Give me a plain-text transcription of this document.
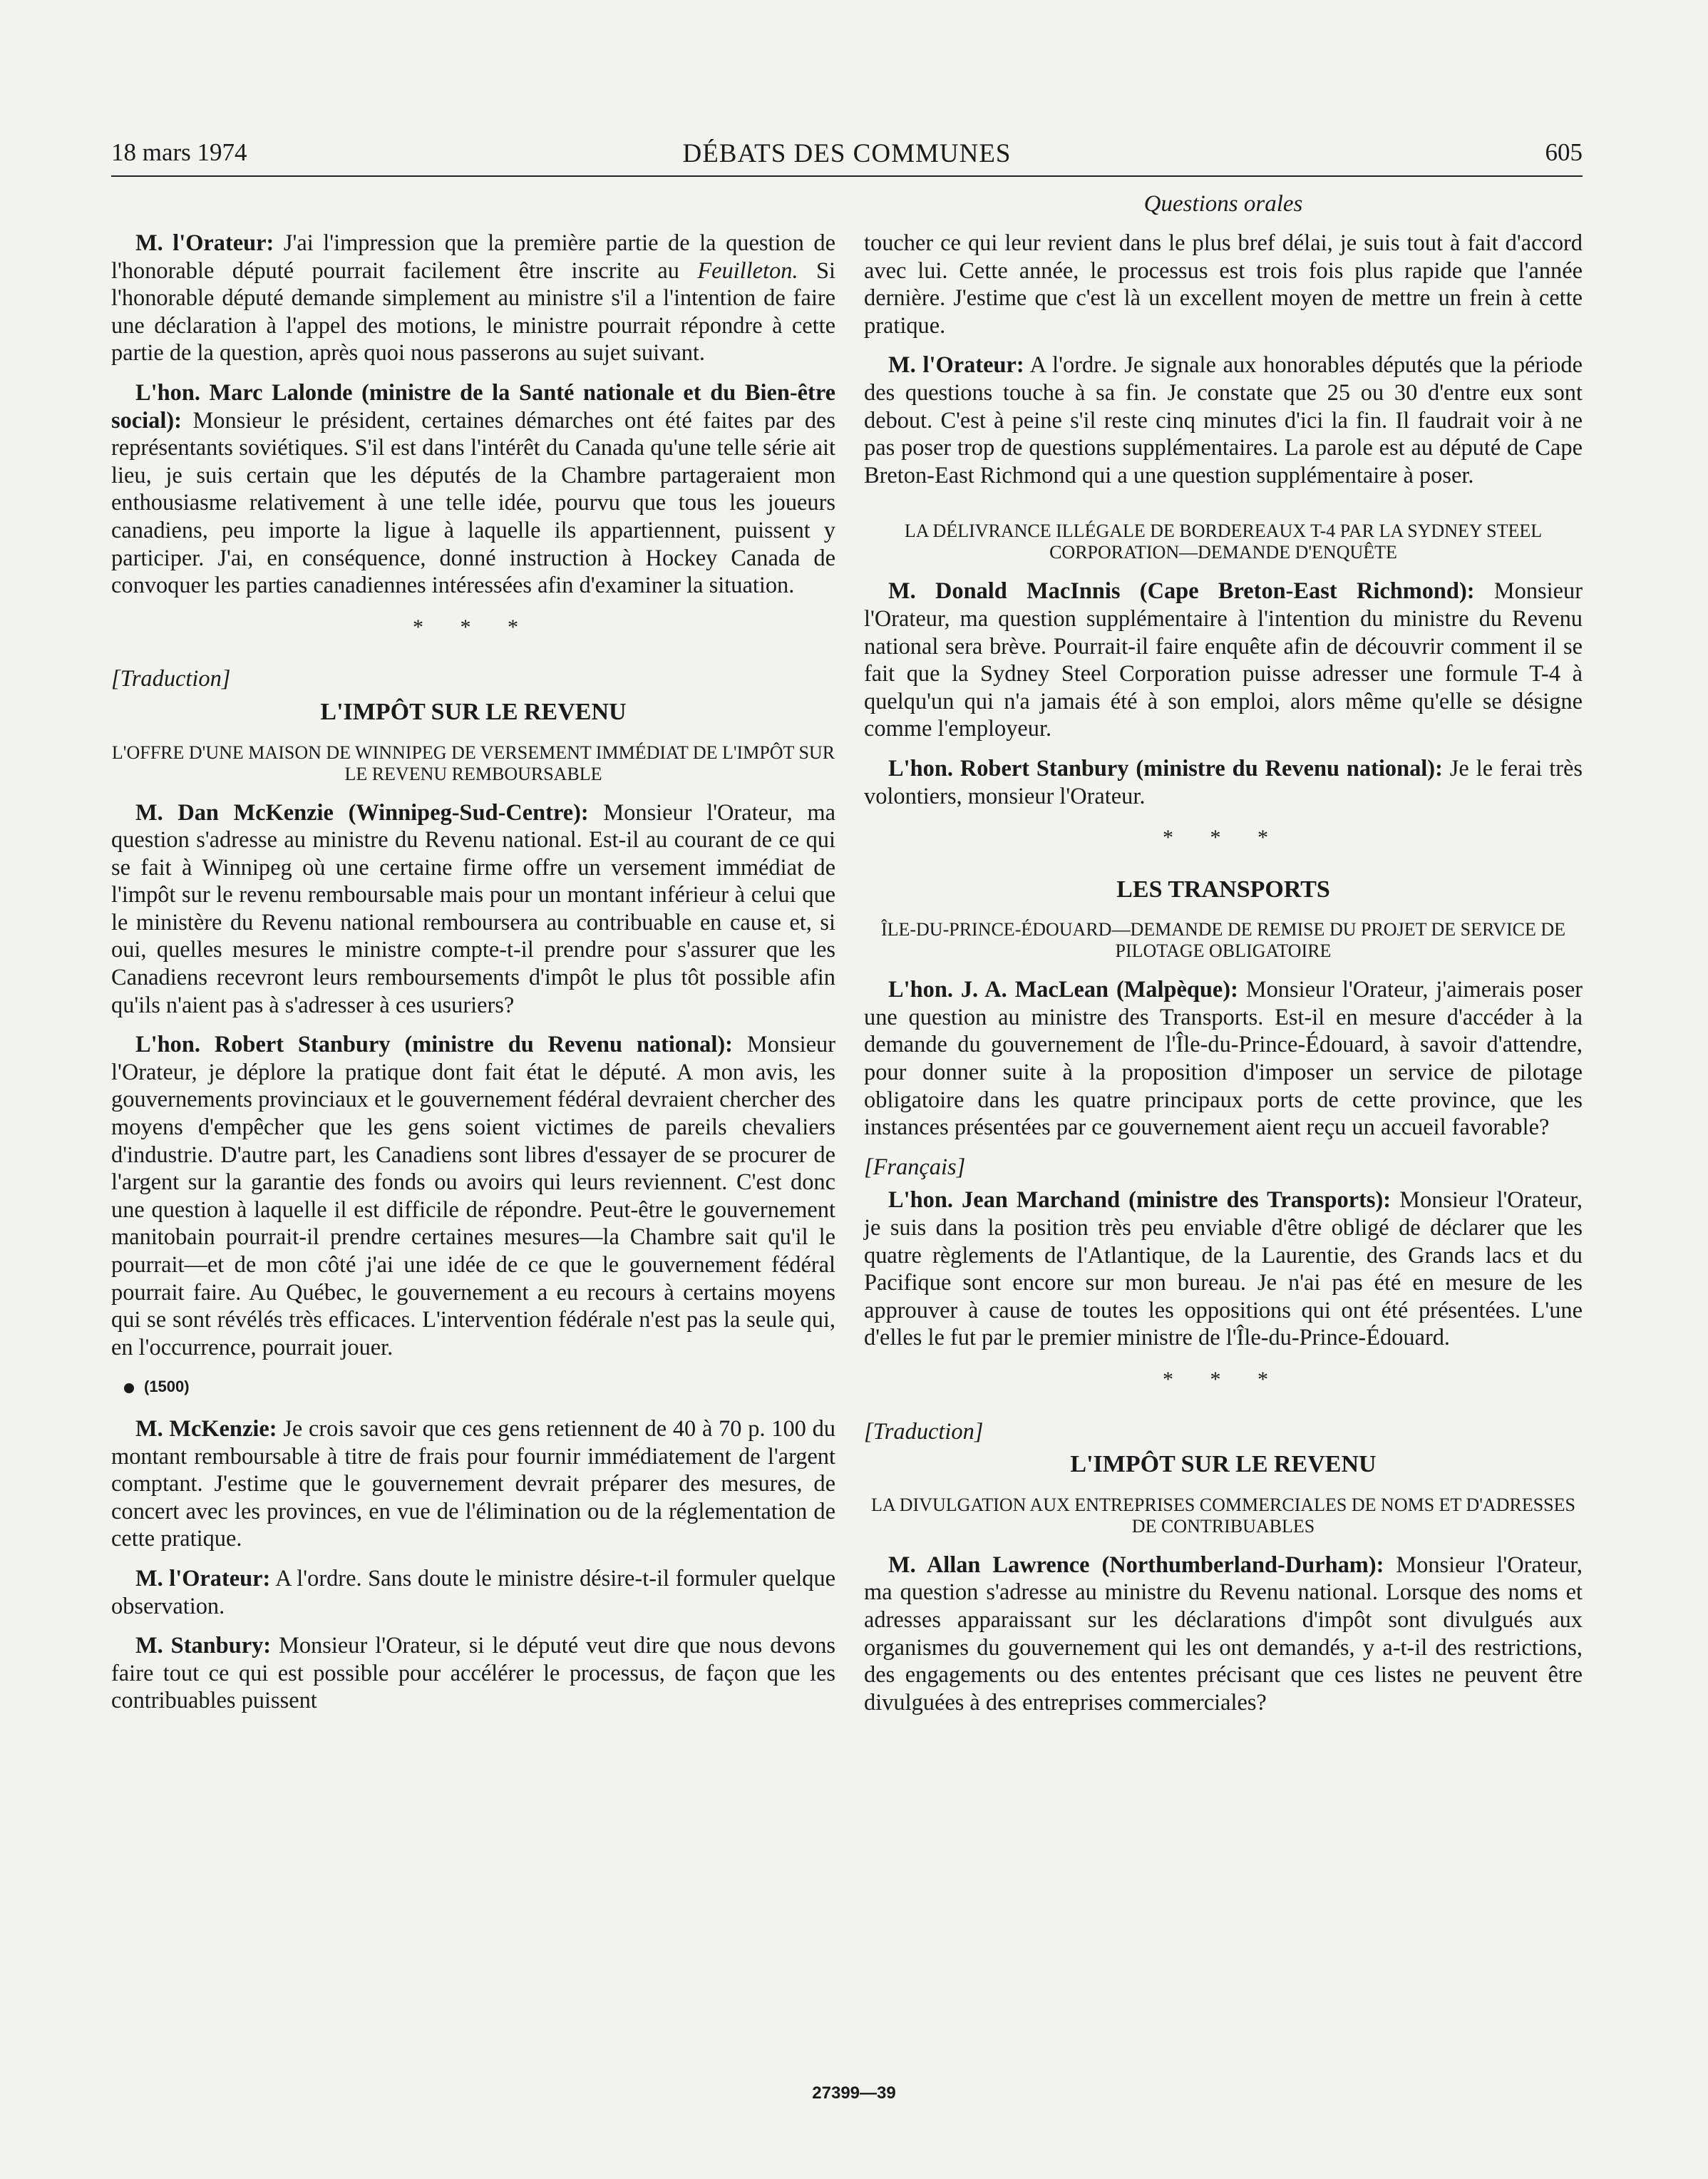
18 mars 1974	DÉBATS DES COMMUNES	605
Questions orales

M. l'Orateur: J'ai l'impression que la première partie de la question de l'honorable député pourrait facilement être inscrite au Feuilleton. Si l'honorable député demande simplement au ministre s'il a l'intention de faire une déclaration à l'appel des motions, le ministre pourrait répondre à cette partie de la question, après quoi nous passerons au sujet suivant.

L'hon. Marc Lalonde (ministre de la Santé nationale et du Bien-être social): Monsieur le président, certaines démarches ont été faites par des représentants soviétiques. S'il est dans l'intérêt du Canada qu'une telle série ait lieu, je suis certain que les députés de la Chambre partageraient mon enthousiasme relativement à une telle idée, pourvu que tous les joueurs canadiens, peu importe la ligue à laquelle ils appartiennent, puissent y participer. J'ai, en conséquence, donné instruction à Hockey Canada de convoquer les parties canadiennes intéressées afin d'examiner la situation.

* * *
[Traduction]
L'IMPÔT SUR LE REVENU
L'OFFRE D'UNE MAISON DE WINNIPEG DE VERSEMENT IMMÉDIAT DE L'IMPÔT SUR LE REVENU REMBOURSABLE

M. Dan McKenzie (Winnipeg-Sud-Centre): Monsieur l'Orateur, ma question s'adresse au ministre du Revenu national. Est-il au courant de ce qui se fait à Winnipeg où une certaine firme offre un versement immédiat de l'impôt sur le revenu remboursable mais pour un montant inférieur à celui que le ministère du Revenu national remboursera au contribuable en cause et, si oui, quelles mesures le ministre compte-t-il prendre pour s'assurer que les Canadiens recevront leurs remboursements d'impôt le plus tôt possible afin qu'ils n'aient pas à s'adresser à ces usuriers?

L'hon. Robert Stanbury (ministre du Revenu national): Monsieur l'Orateur, je déplore la pratique dont fait état le député. A mon avis, les gouvernements provinciaux et le gouvernement fédéral devraient chercher des moyens d'empêcher que les gens soient victimes de pareils chevaliers d'industrie. D'autre part, les Canadiens sont libres d'essayer de se procurer de l'argent sur la garantie des fonds ou avoirs qui leurs reviennent. C'est donc une question à laquelle il est difficile de répondre. Peut-être le gouvernement manitobain pourrait-il prendre certaines mesures—la Chambre sait qu'il le pourrait—et de mon côté j'ai une idée de ce que le gouvernement fédéral pourrait faire. Au Québec, le gouvernement a eu recours à certains moyens qui se sont révélés très efficaces. L'intervention fédérale n'est pas la seule qui, en l'occurrence, pourrait jouer.

(1500)

M. McKenzie: Je crois savoir que ces gens retiennent de 40 à 70 p. 100 du montant remboursable à titre de frais pour fournir immédiatement de l'argent comptant. J'estime que le gouvernement devrait préparer des mesures, de concert avec les provinces, en vue de l'élimination ou de la réglementation de cette pratique.

M. l'Orateur: A l'ordre. Sans doute le ministre désire-t-il formuler quelque observation.

M. Stanbury: Monsieur l'Orateur, si le député veut dire que nous devons faire tout ce qui est possible pour accélérer le processus, de façon que les contribuables puissent

toucher ce qui leur revient dans le plus bref délai, je suis tout à fait d'accord avec lui. Cette année, le processus est trois fois plus rapide que l'année dernière. J'estime que c'est là un excellent moyen de mettre un frein à cette pratique.

M. l'Orateur: A l'ordre. Je signale aux honorables députés que la période des questions touche à sa fin. Je constate que 25 ou 30 d'entre eux sont debout. C'est à peine s'il reste cinq minutes d'ici la fin. Il faudrait voir à ne pas poser trop de questions supplémentaires. La parole est au député de Cape Breton-East Richmond qui a une question supplémentaire à poser.

LA DÉLIVRANCE ILLÉGALE DE BORDEREAUX T-4 PAR LA SYDNEY STEEL CORPORATION—DEMANDE D'ENQUÊTE

M. Donald MacInnis (Cape Breton-East Richmond): Monsieur l'Orateur, ma question supplémentaire à l'intention du ministre du Revenu national sera brève. Pourrait-il faire enquête afin de découvrir comment il se fait que la Sydney Steel Corporation puisse adresser une formule T-4 à quelqu'un qui n'a jamais été à son emploi, alors même qu'elle se désigne comme l'employeur.

L'hon. Robert Stanbury (ministre du Revenu national): Je le ferai très volontiers, monsieur l'Orateur.

* * *
LES TRANSPORTS
ÎLE-DU-PRINCE-ÉDOUARD—DEMANDE DE REMISE DU PROJET DE SERVICE DE PILOTAGE OBLIGATOIRE

L'hon. J. A. MacLean (Malpèque): Monsieur l'Orateur, j'aimerais poser une question au ministre des Transports. Est-il en mesure d'accéder à la demande du gouvernement de l'Île-du-Prince-Édouard, à savoir d'attendre, pour donner suite à la proposition d'imposer un service de pilotage obligatoire dans les quatre principaux ports de cette province, que les instances présentées par ce gouvernement aient reçu un accueil favorable?

[Français]

L'hon. Jean Marchand (ministre des Transports): Monsieur l'Orateur, je suis dans la position très peu enviable d'être obligé de déclarer que les quatre règlements de l'Atlantique, de la Laurentie, des Grands lacs et du Pacifique sont encore sur mon bureau. Je n'ai pas été en mesure de les approuver à cause de toutes les oppositions qui ont été présentées. L'une d'elles le fut par le premier ministre de l'Île-du-Prince-Édouard.

* * *
[Traduction]
L'IMPÔT SUR LE REVENU
LA DIVULGATION AUX ENTREPRISES COMMERCIALES DE NOMS ET D'ADRESSES DE CONTRIBUABLES

M. Allan Lawrence (Northumberland-Durham): Monsieur l'Orateur, ma question s'adresse au ministre du Revenu national. Lorsque des noms et adresses apparaissant sur les déclarations d'impôt sont divulgués aux organismes du gouvernement qui les ont demandés, y a-t-il des restrictions, des engagements ou des ententes précisant que ces listes ne peuvent être divulguées à des entreprises commerciales?

27399—39
